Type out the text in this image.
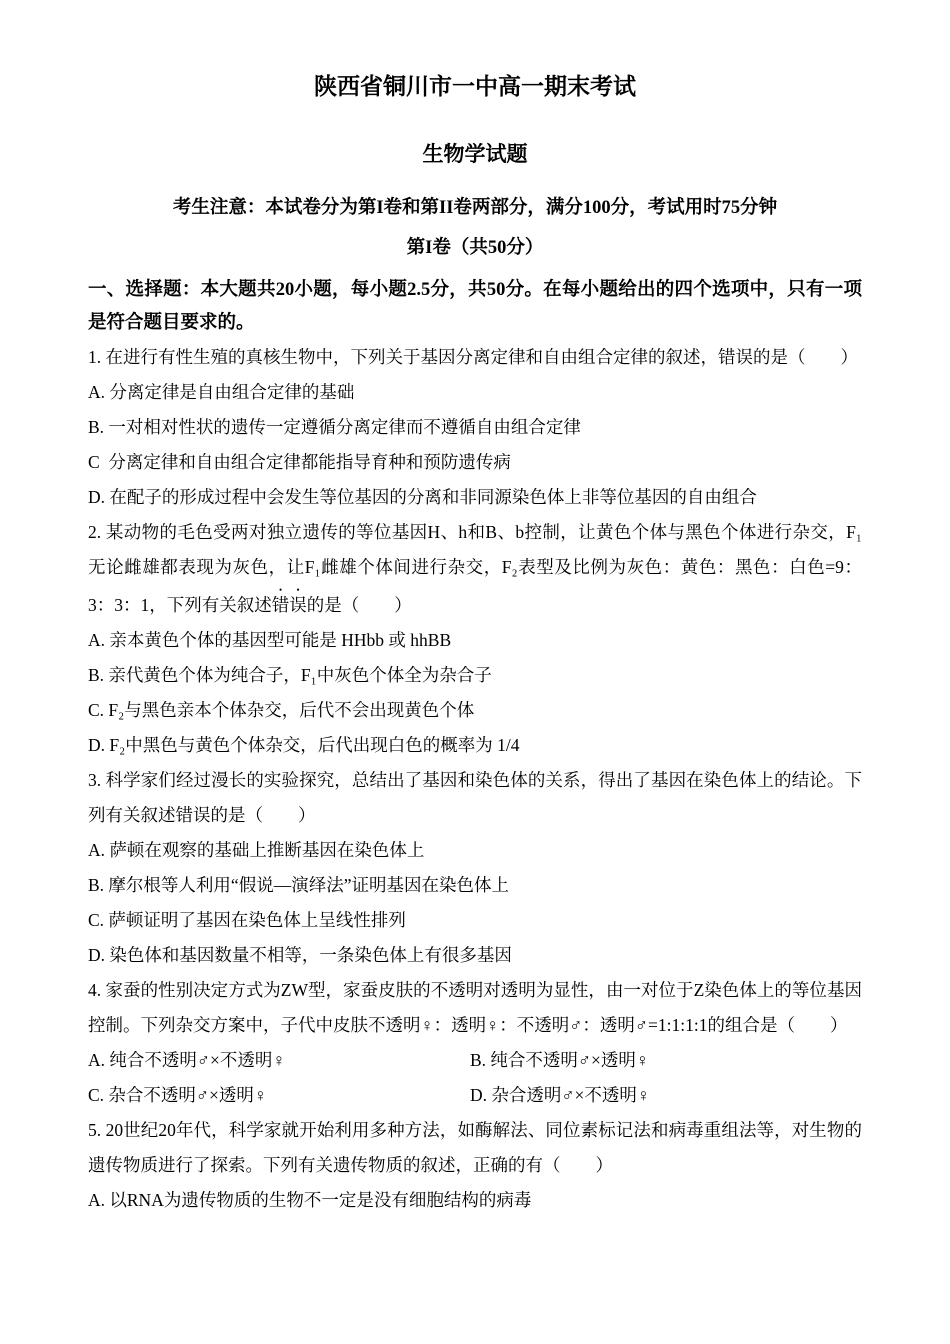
陕西省铜川市一中高一期末考试
生物学试题

考生注意：本试卷分为第I卷和第II卷两部分，满分100分，考试用时75分钟

第I卷（共50分）

一、选择题：本大题共20小题，每小题2.5分，共50分。在每小题给出的四个选项中，只有一项是符合题目要求的。

1. 在进行有性生殖的真核生物中，下列关于基因分离定律和自由组合定律的叙述，错误的是（　　）

A. 分离定律是自由组合定律的基础

B. 一对相对性状的遗传一定遵循分离定律而不遵循自由组合定律

C  分离定律和自由组合定律都能指导育种和预防遗传病

D. 在配子的形成过程中会发生等位基因的分离和非同源染色体上非等位基因的自由组合

2. 某动物的毛色受两对独立遗传的等位基因H、h和B、b控制，让黄色个体与黑色个体进行杂交，F₁无论雌雄都表现为灰色，让F₁雌雄个体间进行杂交，F₂表型及比例为灰色：黄色：黑色：白色=9：3：3：1，下列有关叙述错误的是（　　）

A. 亲本黄色个体的基因型可能是 HHbb 或 hhBB

B. 亲代黄色个体为纯合子，F₁中灰色个体全为杂合子

C. F₂与黑色亲本个体杂交，后代不会出现黄色个体

D. F₂中黑色与黄色个体杂交，后代出现白色的概率为 1/4

3. 科学家们经过漫长的实验探究，总结出了基因和染色体的关系，得出了基因在染色体上的结论。下列有关叙述错误的是（　　）

A. 萨顿在观察的基础上推断基因在染色体上

B. 摩尔根等人利用“假说—演绎法”证明基因在染色体上

C. 萨顿证明了基因在染色体上呈线性排列

D. 染色体和基因数量不相等，一条染色体上有很多基因

4. 家蚕的性别决定方式为ZW型，家蚕皮肤的不透明对透明为显性，由一对位于Z染色体上的等位基因控制。下列杂交方案中，子代中皮肤不透明♀：透明♀：不透明♂：透明♂=1:1:1:1的组合是（　　）

A. 纯合不透明♂×不透明♀	B. 纯合不透明♂×透明♀

C. 杂合不透明♂×透明♀	D. 杂合透明♂×不透明♀

5. 20世纪20年代，科学家就开始利用多种方法，如酶解法、同位素标记法和病毒重组法等，对生物的遗传物质进行了探索。下列有关遗传物质的叙述，正确的有（　　）

A. 以RNA为遗传物质的生物不一定是没有细胞结构的病毒
